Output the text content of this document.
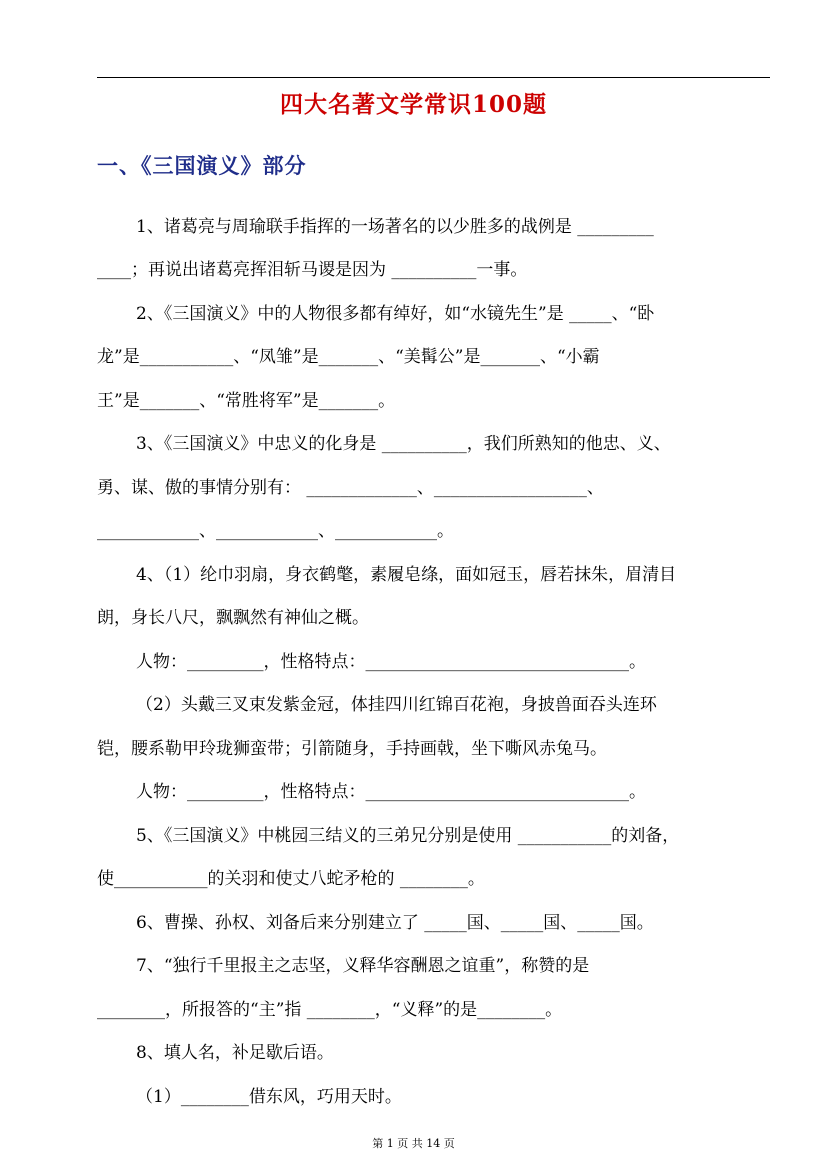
四大名著文学常识100题
一、《三国演义》部分
1、诸葛亮与周瑜联手指挥的一场著名的以少胜多的战例是 _________
____；再说出诸葛亮挥泪斩马谡是因为 __________一事。
2、《三国演义》中的人物很多都有绰好，如“水镜先生”是 _____、“卧
龙”是___________、“凤雏”是_______、“美髯公”是_______、“小霸
王”是_______、“常胜将军”是_______。
3、《三国演义》中忠义的化身是 __________，我们所熟知的他忠、义、
勇、谋、傲的事情分别有： _____________、__________________、
____________、____________、____________。
4、（1）纶巾羽扇，身衣鹤氅，素履皂绦，面如冠玉，唇若抹朱，眉清目
朗，身长八尺，飘飘然有神仙之概。
人物：_________，性格特点：_______________________________。
（2）头戴三叉束发紫金冠，体挂四川红锦百花袍，身披兽面吞头连环
铠，腰系勒甲玲珑狮蛮带；引箭随身，手持画戟，坐下嘶风赤兔马。
人物：_________，性格特点：_______________________________。
5、《三国演义》中桃园三结义的三弟兄分别是使用 ___________的刘备，
使___________的关羽和使丈八蛇矛枪的 ________。
6、曹操、孙权、刘备后来分别建立了 _____国、_____国、_____国。
7、“独行千里报主之志坚，义释华容酬恩之谊重”，称赞的是
________，所报答的“主”指 ________，“义释”的是________。
8、填人名，补足歇后语。
（1）________借东风，巧用天时。
第 1 页 共 14 页
